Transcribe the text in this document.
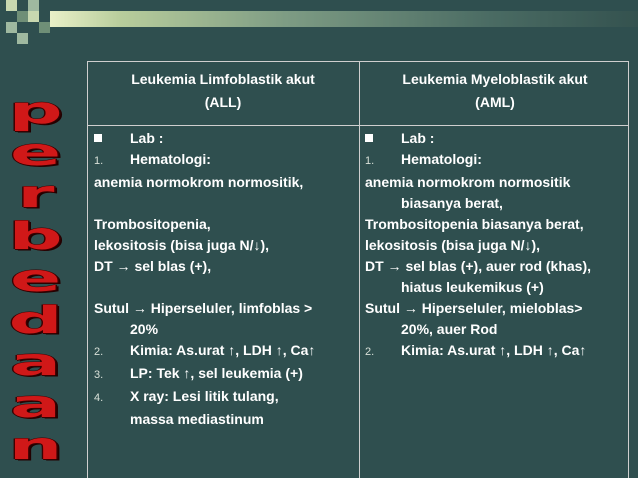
p
e
r
b
e
d
a
a
n
Leukemia Limfoblastik akut
(ALL)
Leukemia Myeloblastik akut
(AML)
Lab :
1. Hematologi:
anemia normokrom normositik,
Trombositopenia,
lekositosis (bisa juga N/↓),
DT → sel blas (+),
Sutul → Hiperseluler, limfoblas >
20%
2. Kimia: As.urat ↑, LDH ↑, Ca↑
3. LP: Tek ↑, sel leukemia (+)
4. X ray: Lesi litik tulang,
massa mediastinum
Lab :
1. Hematologi:
anemia normokrom normositik
biasanya berat,
Trombositopenia biasanya berat,
lekositosis (bisa juga N/↓),
DT → sel blas (+), auer rod (khas),
hiatus leukemikus (+)
Sutul → Hiperseluler, mieloblas>
20%, auer Rod
2. Kimia: As.urat ↑, LDH ↑, Ca↑
